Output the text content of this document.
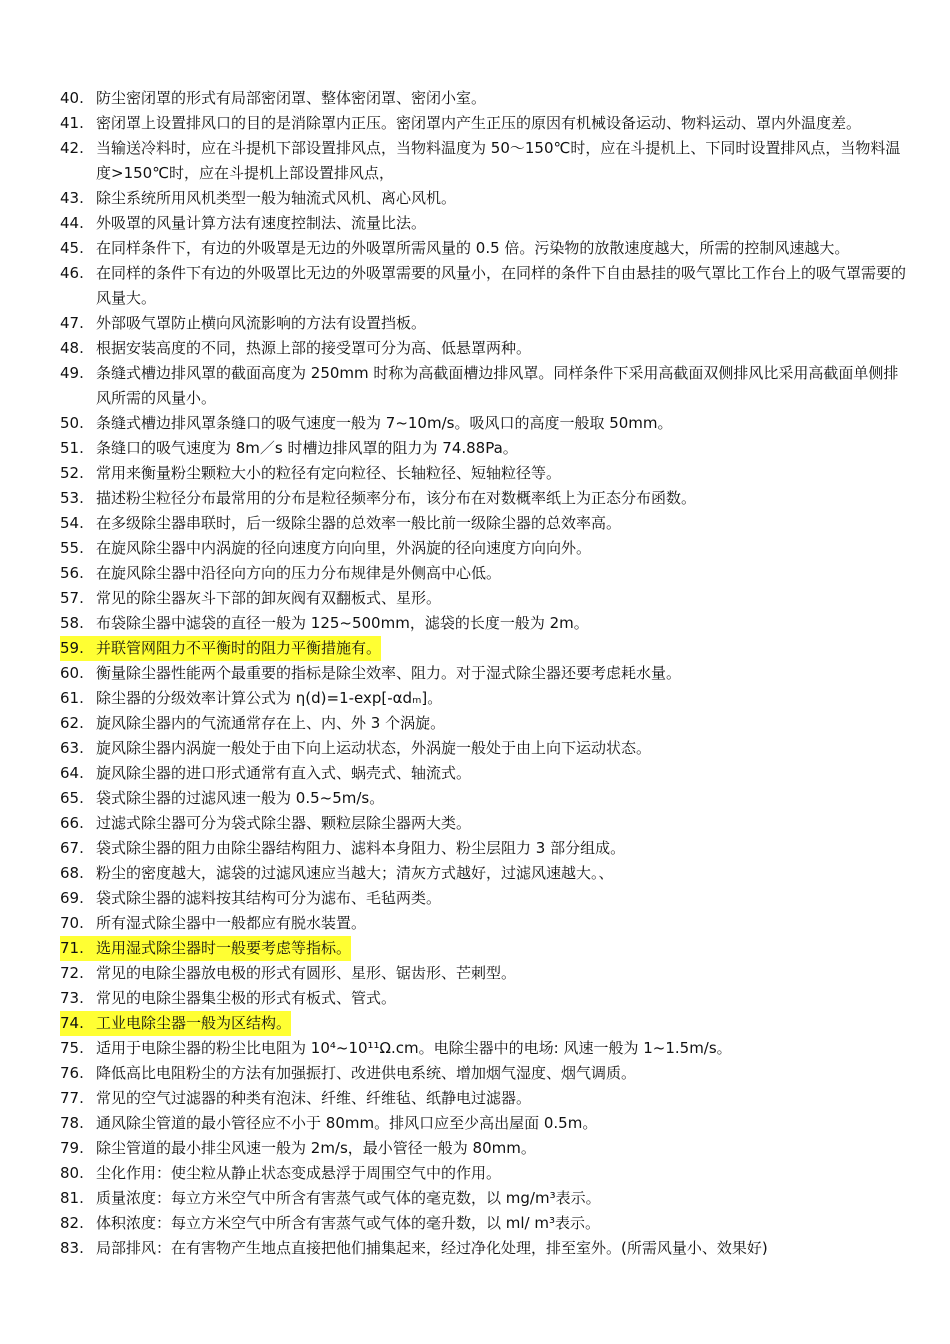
40. 防尘密闭罩的形式有局部密闭罩、整体密闭罩、密闭小室。
41. 密闭罩上设置排风口的目的是消除罩内正压。密闭罩内产生正压的原因有机械设备运动、物料运动、罩内外温度差。
42. 当输送冷料时，应在斗提机下部设置排风点，当物料温度为 50～150℃时，应在斗提机上、下同时设置排风点，当物料温度>150℃时，应在斗提机上部设置排风点，
43. 除尘系统所用风机类型一般为轴流式风机、离心风机。
44. 外吸罩的风量计算方法有速度控制法、流量比法。
45. 在同样条件下，有边的外吸罩是无边的外吸罩所需风量的 0.5 倍。污染物的放散速度越大，所需的控制风速越大。
46. 在同样的条件下有边的外吸罩比无边的外吸罩需要的风量小，在同样的条件下自由悬挂的吸气罩比工作台上的吸气罩需要的风量大。
47. 外部吸气罩防止横向风流影响的方法有设置挡板。
48. 根据安装高度的不同，热源上部的接受罩可分为高、低悬罩两种。
49. 条缝式槽边排风罩的截面高度为 250mm 时称为高截面槽边排风罩。同样条件下采用高截面双侧排风比采用高截面单侧排风所需的风量小。
50. 条缝式槽边排风罩条缝口的吸气速度一般为 7~10m/s。吸风口的高度一般取 50mm。
51. 条缝口的吸气速度为 8m／s 时槽边排风罩的阻力为 74.88Pa。
52. 常用来衡量粉尘颗粒大小的粒径有定向粒径、长轴粒径、短轴粒径等。
53. 描述粉尘粒径分布最常用的分布是粒径频率分布，该分布在对数概率纸上为正态分布函数。
54. 在多级除尘器串联时，后一级除尘器的总效率一般比前一级除尘器的总效率高。
55. 在旋风除尘器中内涡旋的径向速度方向向里，外涡旋的径向速度方向向外。
56. 在旋风除尘器中沿径向方向的压力分布规律是外侧高中心低。
57. 常见的除尘器灰斗下部的卸灰阀有双翻板式、星形。
58. 布袋除尘器中滤袋的直径一般为 125~500mm，滤袋的长度一般为 2m。
59. 并联管网阻力不平衡时的阻力平衡措施有。
60. 衡量除尘器性能两个最重要的指标是除尘效率、阻力。对于湿式除尘器还要考虑耗水量。
61. 除尘器的分级效率计算公式为 η(d)=1-exp[-αdₘ]。
62. 旋风除尘器内的气流通常存在上、内、外 3 个涡旋。
63. 旋风除尘器内涡旋一般处于由下向上运动状态，外涡旋一般处于由上向下运动状态。
64. 旋风除尘器的进口形式通常有直入式、蜗壳式、轴流式。
65. 袋式除尘器的过滤风速一般为 0.5~5m/s。
66. 过滤式除尘器可分为袋式除尘器、颗粒层除尘器两大类。
67. 袋式除尘器的阻力由除尘器结构阻力、滤料本身阻力、粉尘层阻力 3 部分组成。
68. 粉尘的密度越大，滤袋的过滤风速应当越大；清灰方式越好，过滤风速越大。、
69. 袋式除尘器的滤料按其结构可分为滤布、毛毡两类。
70. 所有湿式除尘器中一般都应有脱水装置。
71. 选用湿式除尘器时一般要考虑等指标。
72. 常见的电除尘器放电极的形式有圆形、星形、锯齿形、芒刺型。
73. 常见的电除尘器集尘极的形式有板式、管式。
74. 工业电除尘器一般为区结构。
75. 适用于电除尘器的粉尘比电阻为 10⁴~10¹¹Ω.cm。电除尘器中的电场: 风速一般为 1~1.5m/s。
76. 降低高比电阻粉尘的方法有加强振打、改进供电系统、增加烟气湿度、烟气调质。
77. 常见的空气过滤器的种类有泡沫、纤维、纤维毡、纸静电过滤器。
78. 通风除尘管道的最小管径应不小于 80mm。排风口应至少高出屋面 0.5m。
79. 除尘管道的最小排尘风速一般为 2m/s，最小管径一般为 80mm。
80. 尘化作用：使尘粒从静止状态变成悬浮于周围空气中的作用。
81. 质量浓度：每立方米空气中所含有害蒸气或气体的毫克数，以 mg/m³表示。
82. 体积浓度：每立方米空气中所含有害蒸气或气体的毫升数，以 ml/ m³表示。
83. 局部排风：在有害物产生地点直接把他们捕集起来，经过净化处理，排至室外。(所需风量小、效果好)
